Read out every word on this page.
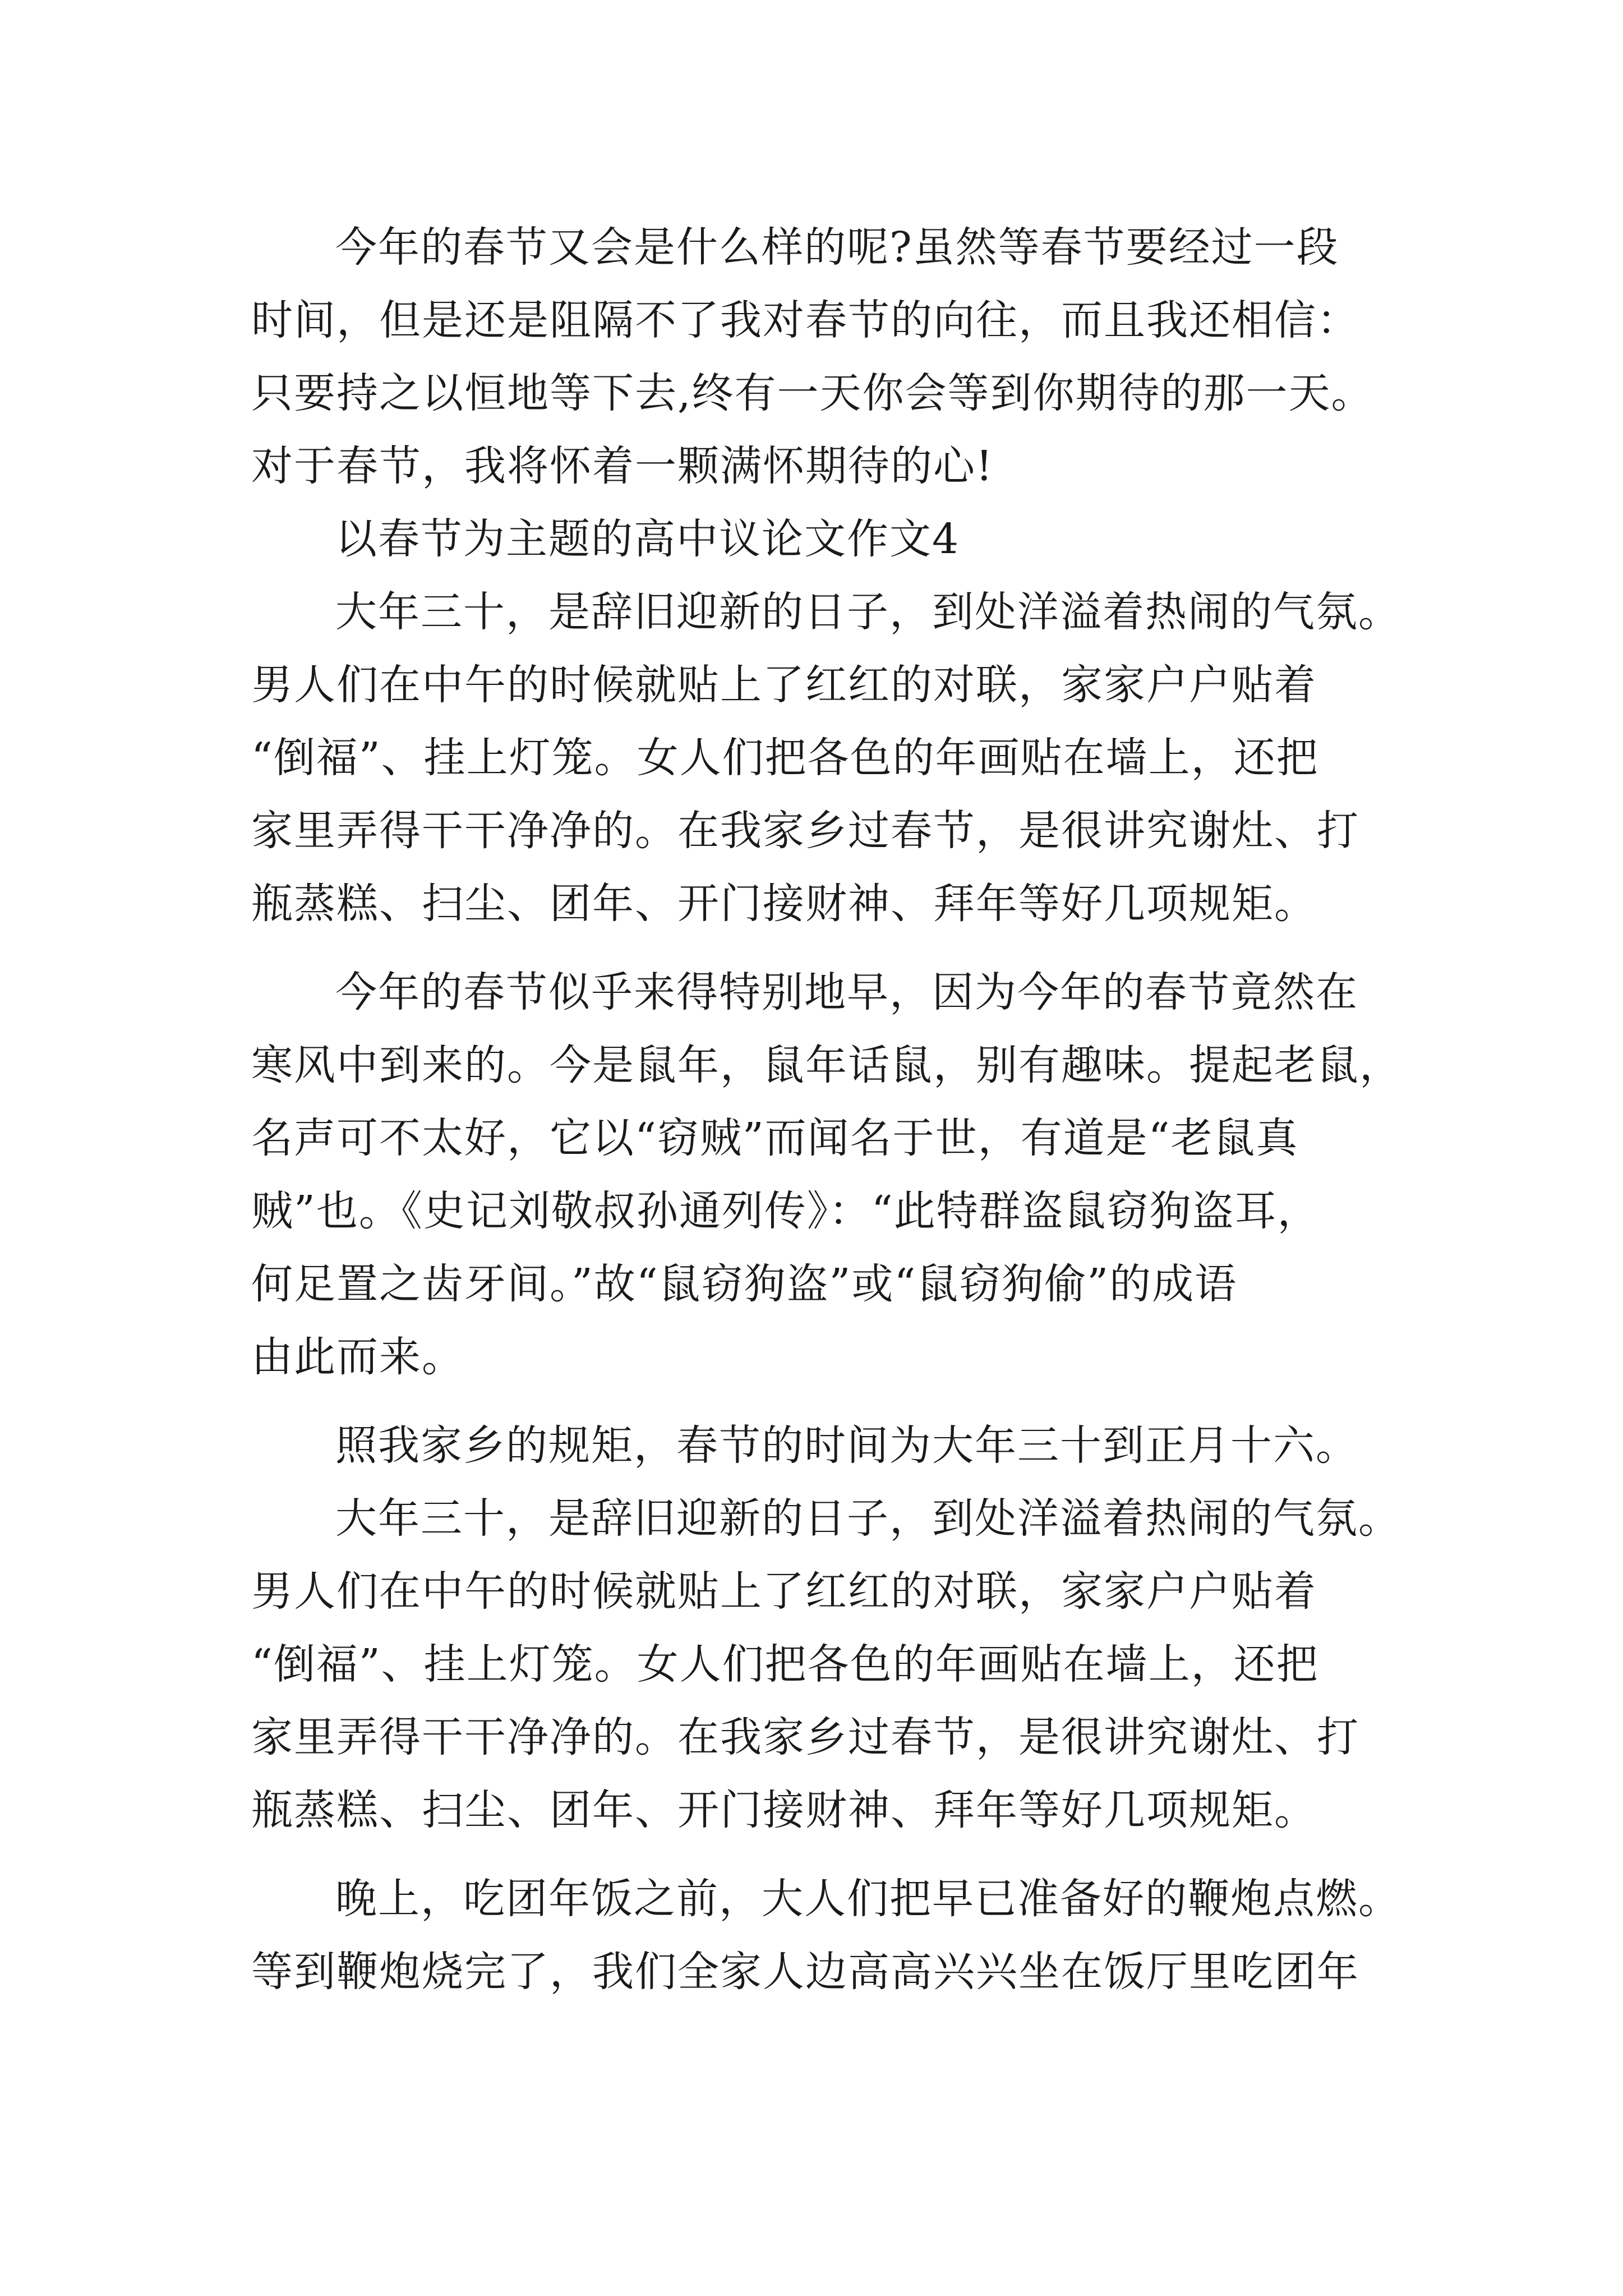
今年的春节又会是什么样的呢?虽然等春节要经过一段
时间，但是还是阻隔不了我对春节的向往，而且我还相信：
只要持之以恒地等下去,终有一天你会等到你期待的那一天。
对于春节，我将怀着一颗满怀期待的心!
以春节为主题的高中议论文作文4
大年三十，是辞旧迎新的日子，到处洋溢着热闹的气氛。
男人们在中午的时候就贴上了红红的对联，家家户户贴着
“倒福”、挂上灯笼。女人们把各色的年画贴在墙上，还把
家里弄得干干净净的。在我家乡过春节，是很讲究谢灶、打
瓶蒸糕、扫尘、团年、开门接财神、拜年等好几项规矩。
今年的春节似乎来得特别地早，因为今年的春节竟然在
寒风中到来的。今是鼠年，鼠年话鼠，别有趣味。提起老鼠，
名声可不太好，它以“窃贼”而闻名于世，有道是“老鼠真
贼”也。《史记刘敬叔孙通列传》：“此特群盗鼠窃狗盗耳，
何足置之齿牙间。”故“鼠窃狗盗”或“鼠窃狗偷”的成语
由此而来。
照我家乡的规矩，春节的时间为大年三十到正月十六。
大年三十，是辞旧迎新的日子，到处洋溢着热闹的气氛。
男人们在中午的时候就贴上了红红的对联，家家户户贴着
“倒福”、挂上灯笼。女人们把各色的年画贴在墙上，还把
家里弄得干干净净的。在我家乡过春节，是很讲究谢灶、打
瓶蒸糕、扫尘、团年、开门接财神、拜年等好几项规矩。
晚上，吃团年饭之前，大人们把早已准备好的鞭炮点燃。
等到鞭炮烧完了，我们全家人边高高兴兴坐在饭厅里吃团年
